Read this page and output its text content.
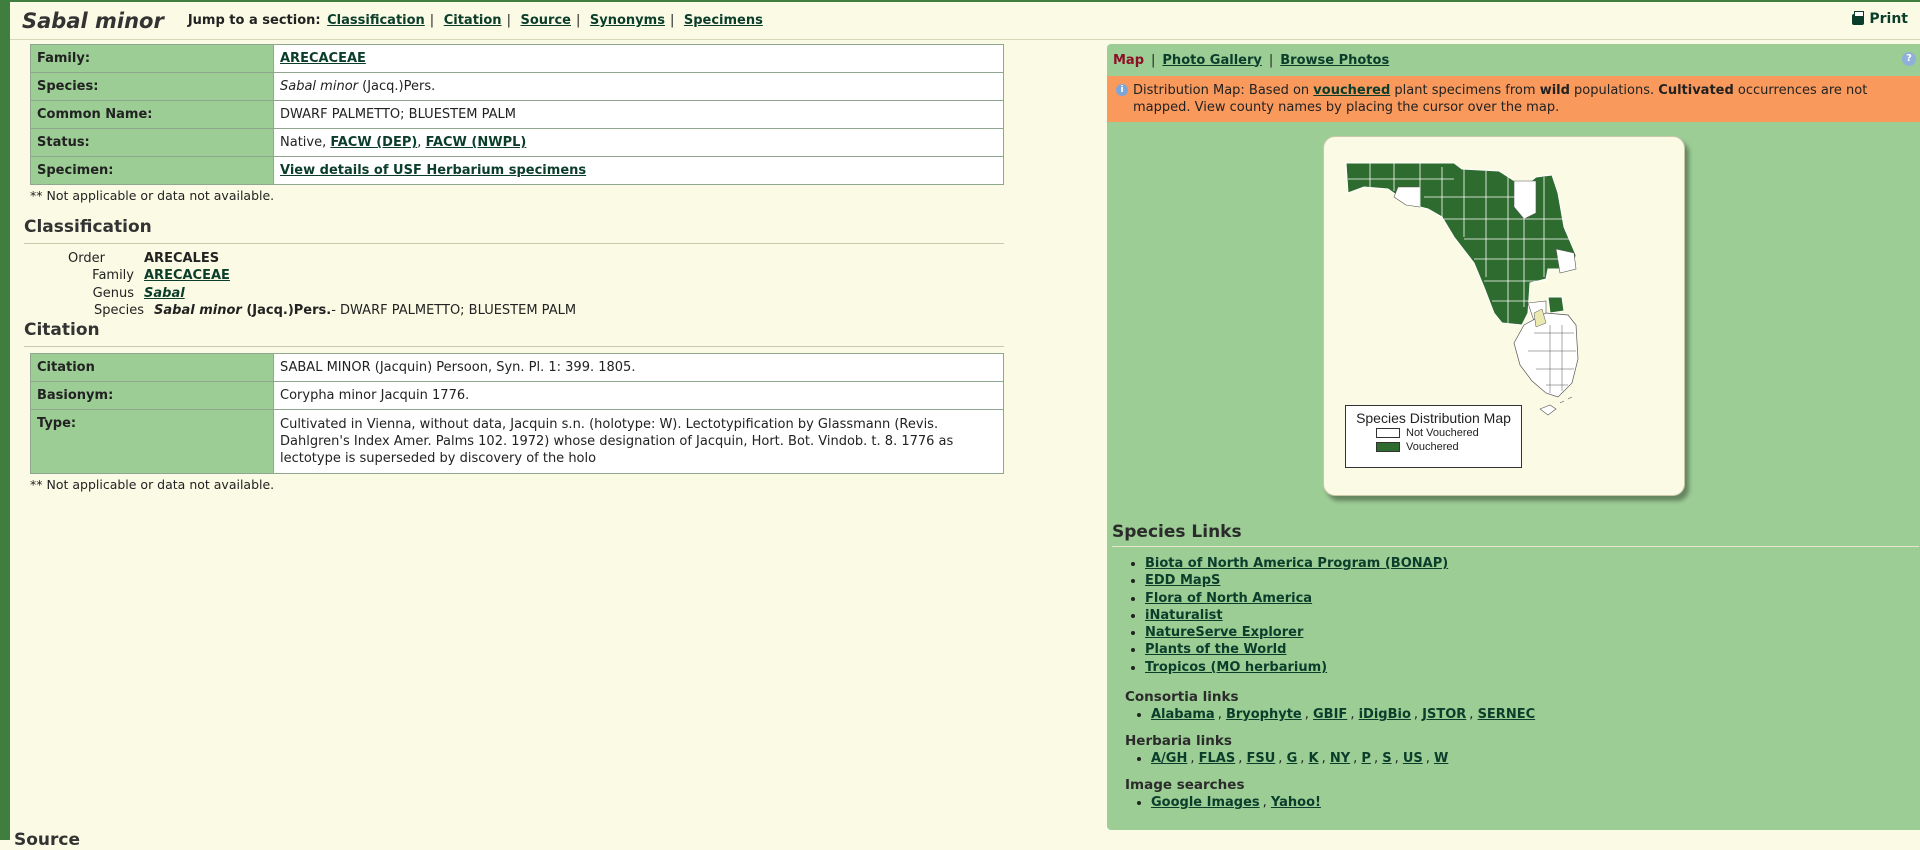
Sabal minor Jump to a section: Classification | Citation | Source | Synonyms | Specimens	Print
Family:	ARECACEAE
Species:	Sabal minor (Jacq.)Pers.
Common Name:	DWARF PALMETTO; BLUESTEM PALM
Status:	Native, FACW (DEP), FACW (NWPL)
Specimen:	View details of USF Herbarium specimens
** Not applicable or data not available.
Classification
Order	ARECALES
Family ARECACEAE
Genus Sabal
Species Sabal minor (Jacq.)Pers. - DWARF PALMETTO; BLUESTEM PALM
Citation
Citation	SABAL MINOR (Jacquin) Persoon, Syn. Pl. 1: 399. 1805.
Basionym:	Corypha minor Jacquin 1776.
Type:	Cultivated in Vienna, without data, Jacquin s.n. (holotype: W). Lectotypification by Glassmann (Revis. Dahlgren's Index Amer. Palms 102. 1972) whose designation of Jacquin, Hort. Bot. Vindob. t. 8. 1776 as lectotype is superseded by discovery of the holo
** Not applicable or data not available.
Source
Map | Photo Gallery | Browse Photos	?
i Distribution Map: Based on vouchered plant specimens from wild populations. Cultivated occurrences are not mapped. View county names by placing the cursor over the map.
Species Distribution Map
Not Vouchered
Vouchered
Species Links
• Biota of North America Program (BONAP)
• EDD MapS
• Flora of North America
• iNaturalist
• NatureServe Explorer
• Plants of the World
• Tropicos (MO herbarium)
Consortia links
• Alabama , Bryophyte , GBIF , iDigBio , JSTOR , SERNEC
Herbaria links
• A/GH , FLAS , FSU , G , K , NY , P , S , US , W
Image searches
• Google Images , Yahoo!
